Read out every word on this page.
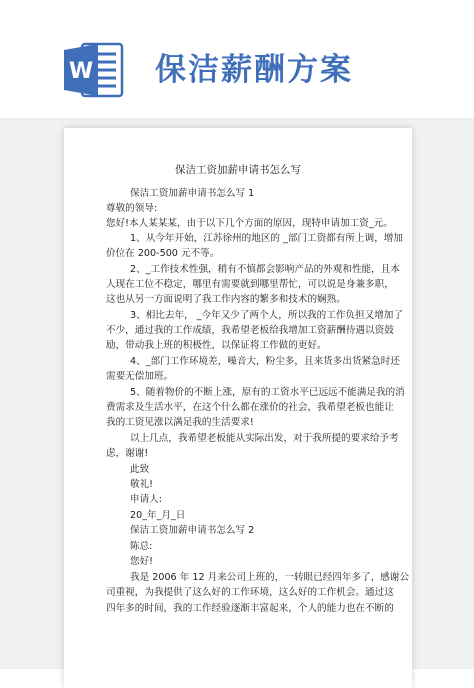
W 保洁薪酬方案
保洁工资加薪申请书怎么写
保洁工资加薪申请书怎么写 1
尊敬的领导:
您好!本人某某某，由于以下几个方面的原因，现特申请加工资_元。
1、从今年开始，江苏徐州的地区的 _部门工资都有所上调，增加
价位在 200-500 元不等。
2、_工作技术性强，稍有不慎都会影响产品的外观和性能，且本
人现在工位不稳定，哪里有需要就到哪里帮忙，可以说是身兼多职，
这也从另一方面说明了我工作内容的繁多和技术的娴熟。
3、相比去年， _今年又少了两个人，所以我的工作负担又增加了
不少，通过我的工作成绩，我希望老板给我增加工资薪酬待遇以资鼓
励，带动我上班的积极性，以保证将工作做的更好。
4、_部门工作环境差，噪音大，粉尘多，且来货多出货紧急时还
需要无偿加班。
5、随着物价的不断上涨，原有的工资水平已远远不能满足我的消
费需求及生活水平，在这个什么都在涨价的社会，我希望老板也能让
我的工资见涨以满足我的生活要求!
以上几点，我希望老板能从实际出发，对于我所提的要求给予考
虑，谢谢!
此致
敬礼!
申请人:
20_年_月_日
保洁工资加薪申请书怎么写 2
陈总:
您好!
我是 2006 年 12 月来公司上班的，一转眼已经四年多了，感谢公
司重视，为我提供了这么好的工作环境，这么好的工作机会。通过这
四年多的时间，我的工作经验逐渐丰富起来，个人的能力也在不断的
